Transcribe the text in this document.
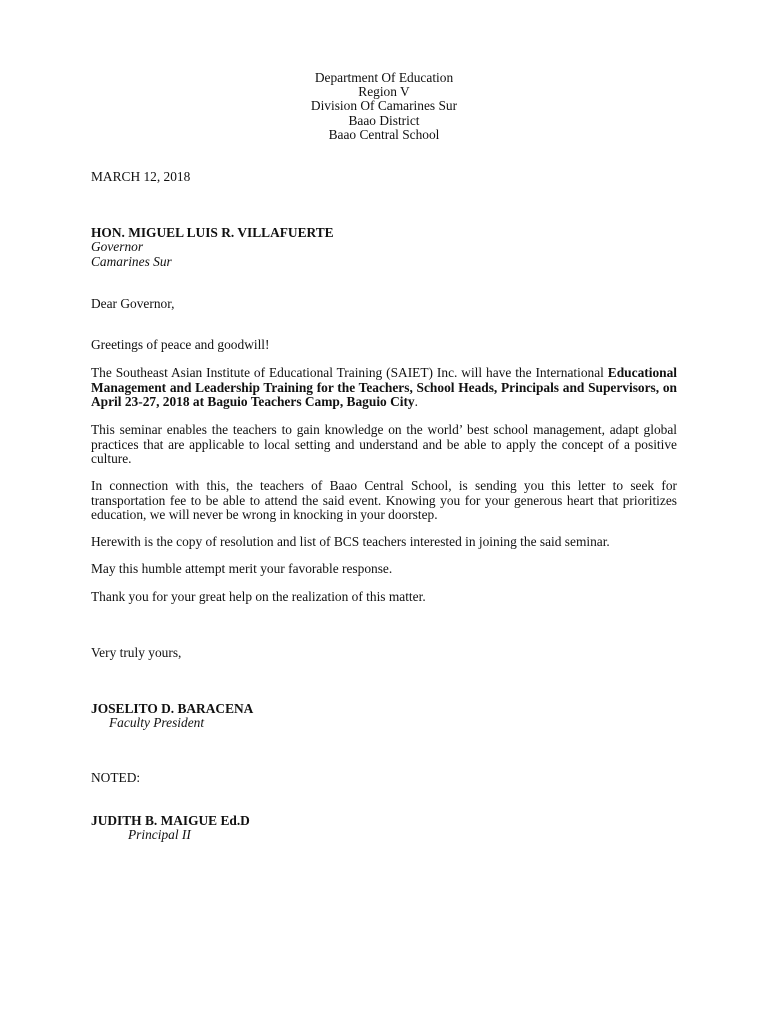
Department Of Education
Region V
Division Of Camarines Sur
Baao District
Baao Central School
MARCH 12, 2018
HON. MIGUEL LUIS R. VILLAFUERTE
Governor
Camarines Sur
Dear Governor,
Greetings of peace and goodwill!
The Southeast Asian Institute of Educational Training (SAIET) Inc. will have the International Educational Management and Leadership Training for the Teachers, School Heads, Principals and Supervisors, on April 23-27, 2018 at Baguio Teachers Camp, Baguio City.
This seminar enables the teachers to gain knowledge on the world’ best school management, adapt global practices that are applicable to local setting and understand and be able to apply the concept of a positive culture.
In connection with this, the teachers of Baao Central School, is sending you this letter to seek for transportation fee to be able to attend the said event. Knowing you for your generous heart that prioritizes education, we will never be wrong in knocking in your doorstep.
Herewith is the copy of resolution and list of BCS teachers interested in joining the said seminar.
May this humble attempt merit your favorable response.
Thank you for your great help on the realization of this matter.
Very truly yours,
JOSELITO D. BARACENA
Faculty President
NOTED:
JUDITH B. MAIGUE Ed.D
Principal II
